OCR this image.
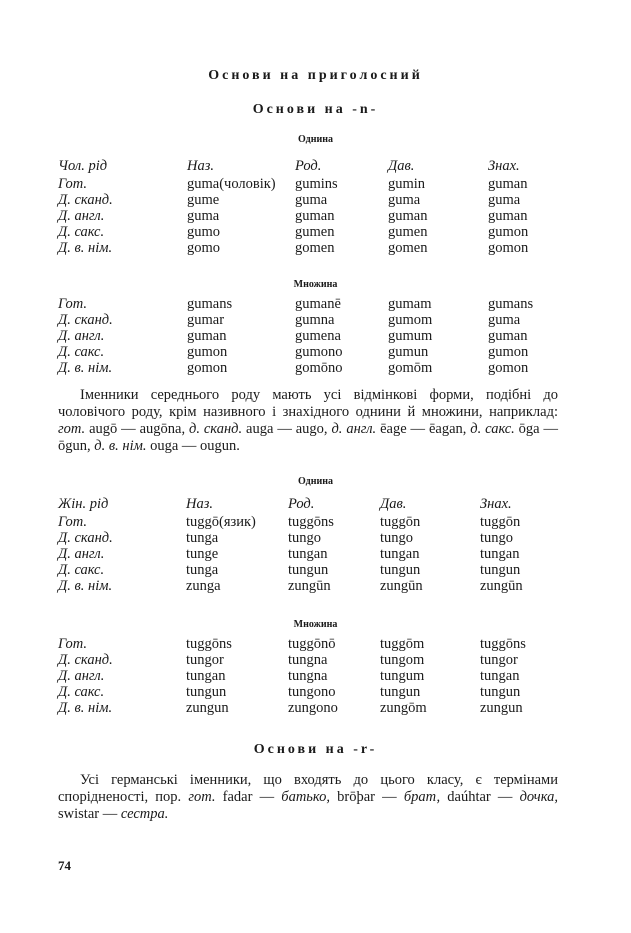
Основи на приголосний
Основи на -n-
Однина
Чол. рід	Наз.	Род.	Дав.	Знах.
Гот.	guma(чоловік)	gumins	gumin	guman
Д. сканд.	gume	guma	guma	guma
Д. англ.	guma	guman	guman	guman
Д. сакс.	gumo	gumen	gumen	gumon
Д. в. нім.	gomo	gomen	gomen	gomon
Множина
Гот.	gumans	gumanē	gumam	gumans
Д. сканд.	gumar	gumna	gumom	guma
Д. англ.	guman	gumena	gumum	guman
Д. сакс.	gumon	gumono	gumun	gumon
Д. в. нім.	gomon	gomōno	gomōm	gomon

Іменники середнього роду мають усі відмінкові форми, подібні до чоловічого роду, крім називного і знахідного однини й множини, наприклад: гот. augō — augōna, д. сканд. auga — augo, д. англ. ēage — ēagan, д. сакс. ōga — ōgun, д. в. нім. ouga — ougun.

Однина
Жін. рід	Наз.	Род.	Дав.	Знах.
Гот.	tuggō(язик)	tuggōns	tuggōn	tuggōn
Д. сканд.	tunga	tungo	tungo	tungo
Д. англ.	tunge	tungan	tungan	tungan
Д. сакс.	tunga	tungun	tungun	tungun
Д. в. нім.	zunga	zungūn	zungūn	zungūn
Множина
Гот.	tuggōns	tuggōnō	tuggōm	tuggōns
Д. сканд.	tungor	tungna	tungom	tungor
Д. англ.	tungan	tungna	tungum	tungan
Д. сакс.	tungun	tungono	tungun	tungun
Д. в. нім.	zungun	zungono	zungōm	zungun
Основи на -r-

Усі германські іменники, що входять до цього класу, є термінами спорідненості, пор. гот. fadar — батько, brōþar — брат, daúhtar — дочка, swistar — сестра.

74
